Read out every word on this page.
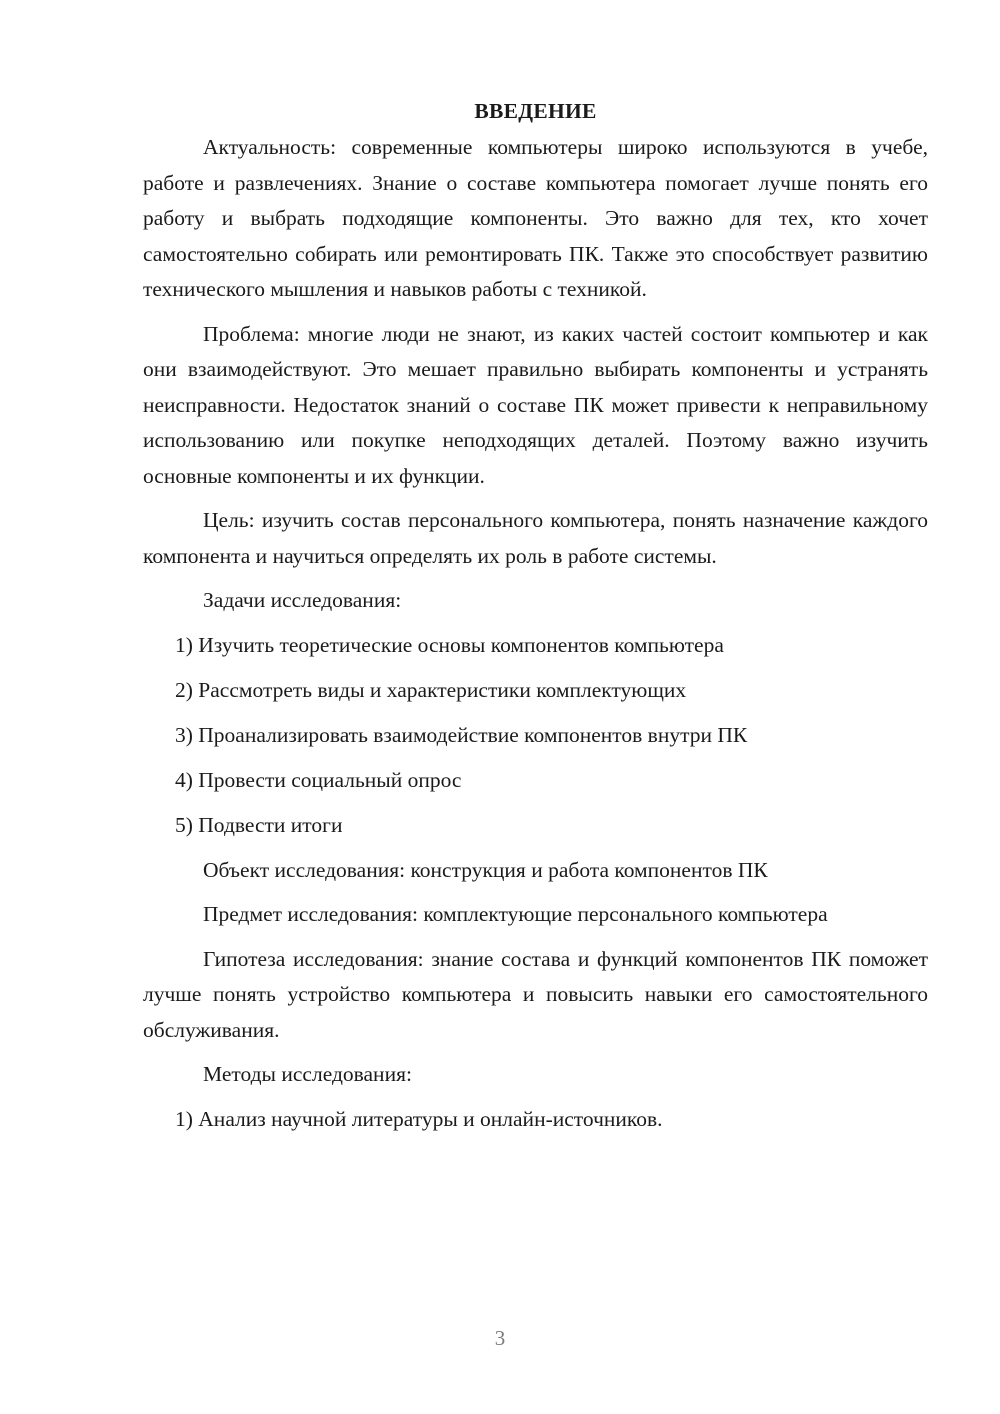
ВВЕДЕНИЕ

Актуальность: современные компьютеры широко используются в учебе, работе и развлечениях. Знание о составе компьютера помогает лучше понять его работу и выбрать подходящие компоненты. Это важно для тех, кто хочет самостоятельно собирать или ремонтировать ПК. Также это способствует развитию технического мышления и навыков работы с техникой.

Проблема: многие люди не знают, из каких частей состоит компьютер и как они взаимодействуют. Это мешает правильно выбирать компоненты и устранять неисправности. Недостаток знаний о составе ПК может привести к неправильному использованию или покупке неподходящих деталей. Поэтому важно изучить основные компоненты и их функции.

Цель: изучить состав персонального компьютера, понять назначение каждого компонента и научиться определять их роль в работе системы.

Задачи исследования:

1) Изучить теоретические основы компонентов компьютера
2) Рассмотреть виды и характеристики комплектующих
3) Проанализировать взаимодействие компонентов внутри ПК
4) Провести социальный опрос
5) Подвести итоги

Объект исследования: конструкция и работа компонентов ПК

Предмет исследования: комплектующие персонального компьютера

Гипотеза исследования: знание состава и функций компонентов ПК поможет лучше понять устройство компьютера и повысить навыки его самостоятельного обслуживания.

Методы исследования:

1) Анализ научной литературы и онлайн-источников.
3
